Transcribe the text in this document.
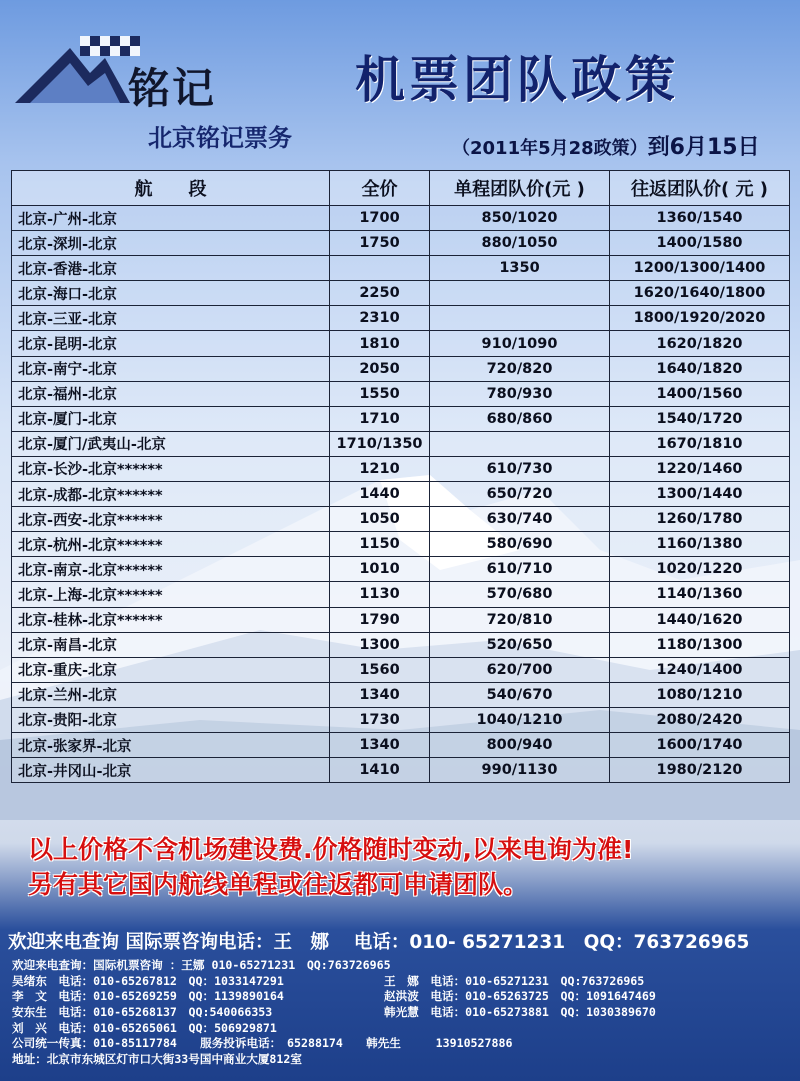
铭记
北京铭记票务
机票团队政策
（2011年5月28政策）到6月15日
航　　段	全价	单程团队价(元 )	往返团队价( 元 )
北京-广州-北京	1700	850/1020	1360/1540
北京-深圳-北京	1750	880/1050	1400/1580
北京-香港-北京		1350	1200/1300/1400
北京-海口-北京	2250		1620/1640/1800
北京-三亚-北京	2310		1800/1920/2020
北京-昆明-北京	1810	910/1090	1620/1820
北京-南宁-北京	2050	720/820	1640/1820
北京-福州-北京	1550	780/930	1400/1560
北京-厦门-北京	1710	680/860	1540/1720
北京-厦门/武夷山-北京	1710/1350		1670/1810
北京-长沙-北京******	1210	610/730	1220/1460
北京-成都-北京******	1440	650/720	1300/1440
北京-西安-北京******	1050	630/740	1260/1780
北京-杭州-北京******	1150	580/690	1160/1380
北京-南京-北京******	1010	610/710	1020/1220
北京-上海-北京******	1130	570/680	1140/1360
北京-桂林-北京******	1790	720/810	1440/1620
北京-南昌-北京	1300	520/650	1180/1300
北京-重庆-北京	1560	620/700	1240/1400
北京-兰州-北京	1340	540/670	1080/1210
北京-贵阳-北京	1730	1040/1210	2080/2420
北京-张家界-北京	1340	800/940	1600/1740
北京-井冈山-北京	1410	990/1130	1980/2120
以上价格不含机场建设费.价格随时变动,以来电询为准!
另有其它国内航线单程或往返都可申请团队。
欢迎来电查询 国际票咨询电话：王　娜　 电话：010- 65271231　QQ：763726965
欢迎来电查询：国际机票咨询 ：王娜 010-65271231　QQ:763726965
吴绪东　电话：010-65267812　QQ：1033147291	王　娜　电话：010-65271231　QQ:763726965
李　文　电话：010-65269259　QQ：1139890164	赵洪波　电话：010-65263725　QQ：1091647469
安东生　电话：010-65268137　QQ:540066353	韩光慧　电话：010-65273881　QQ：1030389670
刘　兴　电话：010-65265061　QQ：506929871
公司统一传真：010-85117784　　服务投诉电话：　65288174　　韩先生　　　13910527886
地址：北京市东城区灯市口大街33号国中商业大厦812室
